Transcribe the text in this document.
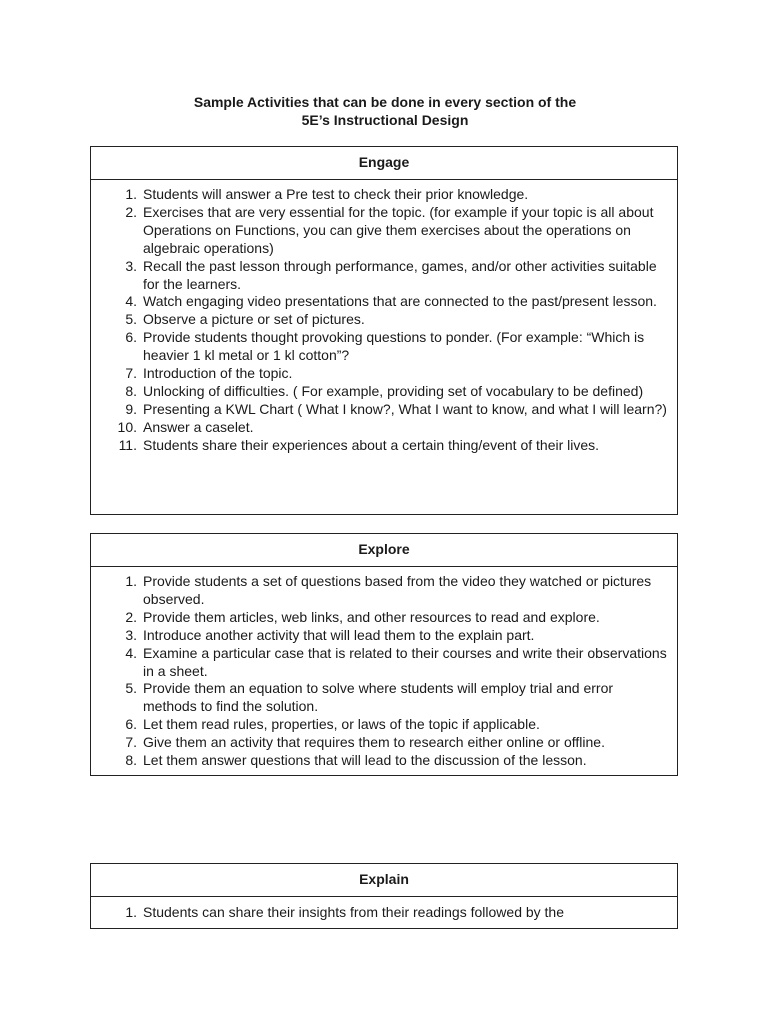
Sample Activities that can be done in every section of the
5E’s Instructional Design
Engage
1. Students will answer a Pre test to check their prior knowledge.
2. Exercises that are very essential for the topic. (for example if your topic is all about Operations on Functions, you can give them exercises about the operations on algebraic operations)
3. Recall the past lesson through performance, games, and/or other activities suitable for the learners.
4. Watch engaging video presentations that are connected to the past/present lesson.
5. Observe a picture or set of pictures.
6. Provide students thought provoking questions to ponder. (For example: “Which is heavier 1 kl metal or 1 kl cotton”?
7. Introduction of the topic.
8. Unlocking of difficulties. ( For example, providing set of vocabulary to be defined)
9. Presenting a KWL Chart ( What I know?, What I want to know, and what I will learn?)
10. Answer a caselet.
11. Students share their experiences about a certain thing/event of their lives.
Explore
1. Provide students a set of questions based from the video they watched or pictures observed.
2. Provide them articles, web links, and other resources to read and explore.
3. Introduce another activity that will lead them to the explain part.
4. Examine a particular case that is related to their courses and write their observations in a sheet.
5. Provide them an equation to solve where students will employ trial and error methods to find the solution.
6. Let them read rules, properties, or laws of the topic if applicable.
7. Give them an activity that requires them to research either online or offline.
8. Let them answer questions that will lead to the discussion of the lesson.
Explain
1. Students can share their insights from their readings followed by the
